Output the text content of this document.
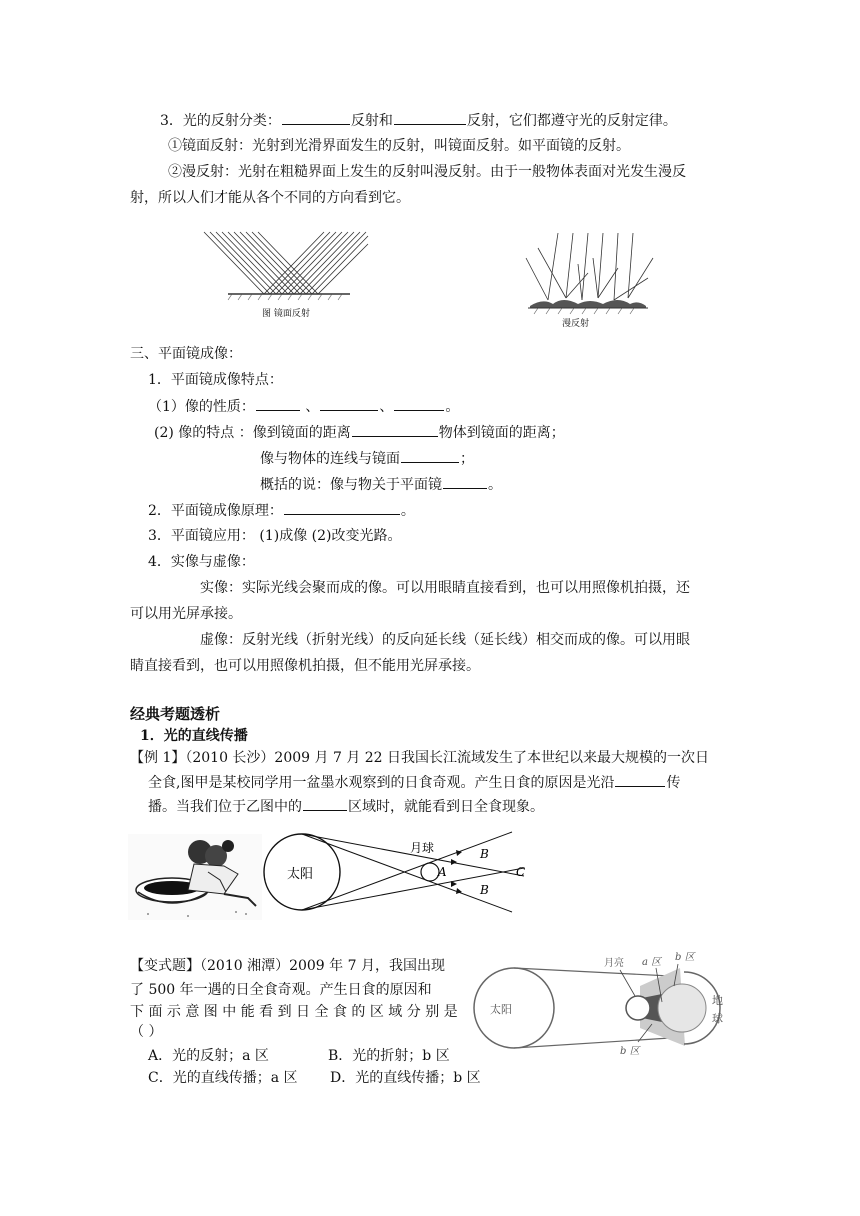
3．光的反射分类：	反射和	反射，它们都遵守光的反射定律。
①镜面反射：光射到光滑界面发生的反射，叫镜面反射。如平面镜的反射。
②漫反射：光射在粗糙界面上发生的反射叫漫反射。由于一般物体表面对光发生漫反
射，所以人们才能从各个不同的方向看到它。
图 镜面反射
漫反射
三、平面镜成像：
1．平面镜成像特点：
（1）像的性质：	、	、	。
(2) 像的特点 ：像到镜面的距离	物体到镜面的距离；
像与物体的连线与镜面	；
概括的说：像与物关于平面镜	。
2．平面镜成像原理：	。
3．平面镜应用： (1)成像 (2)改变光路。
4．实像与虚像：
实像：实际光线会聚而成的像。可以用眼睛直接看到，也可以用照像机拍摄，还
可以用光屏承接。
虚像：反射光线（折射光线）的反向延长线（延长线）相交而成的像。可以用眼
睛直接看到，也可以用照像机拍摄，但不能用光屏承接。
经典考题透析
1．光的直线传播
【例 1】（2010 长沙）2009 月 7 月 22 日我国长江流域发生了本世纪以来最大规模的一次日
全食,图甲是某校同学用一盆墨水观察到的日食奇观。产生日食的原因是光沿	传
播。当我们位于乙图中的	区域时，就能看到日全食现象。
太阳
月球
A
B
B
C
【变式题】（2010 湘潭）2009 年 7 月，我国出现
了 500 年一遇的日全食奇观。产生日食的原因和
下 面 示 意 图 中 能 看 到 日 全 食 的 区 域 分 别 是
（ ）
A．光的反射；a 区	B．光的折射；b 区
C．光的直线传播；a 区 D．光的直线传播；b 区
太阳
月亮 a 区 b 区
b 区
地
球
